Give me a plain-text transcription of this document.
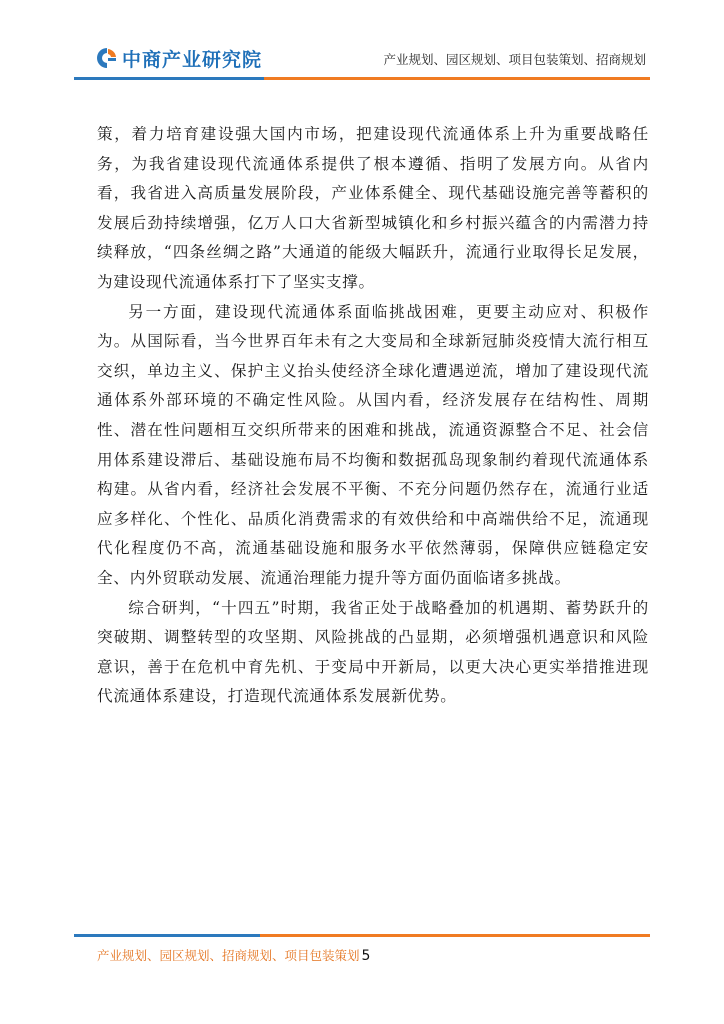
中商产业研究院	产业规划、园区规划、项目包装策划、招商规划

策，着力培育建设强大国内市场，把建设现代流通体系上升为重要战略任务，为我省建设现代流通体系提供了根本遵循、指明了发展方向。从省内看，我省进入高质量发展阶段，产业体系健全、现代基础设施完善等蓄积的发展后劲持续增强，亿万人口大省新型城镇化和乡村振兴蕴含的内需潜力持续释放，“四条丝绸之路”大通道的能级大幅跃升，流通行业取得长足发展，为建设现代流通体系打下了坚实支撑。

另一方面，建设现代流通体系面临挑战困难，更要主动应对、积极作为。从国际看，当今世界百年未有之大变局和全球新冠肺炎疫情大流行相互交织，单边主义、保护主义抬头使经济全球化遭遇逆流，增加了建设现代流通体系外部环境的不确定性风险。从国内看，经济发展存在结构性、周期性、潜在性问题相互交织所带来的困难和挑战，流通资源整合不足、社会信用体系建设滞后、基础设施布局不均衡和数据孤岛现象制约着现代流通体系构建。从省内看，经济社会发展不平衡、不充分问题仍然存在，流通行业适应多样化、个性化、品质化消费需求的有效供给和中高端供给不足，流通现代化程度仍不高，流通基础设施和服务水平依然薄弱，保障供应链稳定安全、内外贸联动发展、流通治理能力提升等方面仍面临诸多挑战。

综合研判，“十四五”时期，我省正处于战略叠加的机遇期、蓄势跃升的突破期、调整转型的攻坚期、风险挑战的凸显期，必须增强机遇意识和风险意识，善于在危机中育先机、于变局中开新局，以更大决心更实举措推进现代流通体系建设，打造现代流通体系发展新优势。

产业规划、园区规划、招商规划、项目包装策划 5
